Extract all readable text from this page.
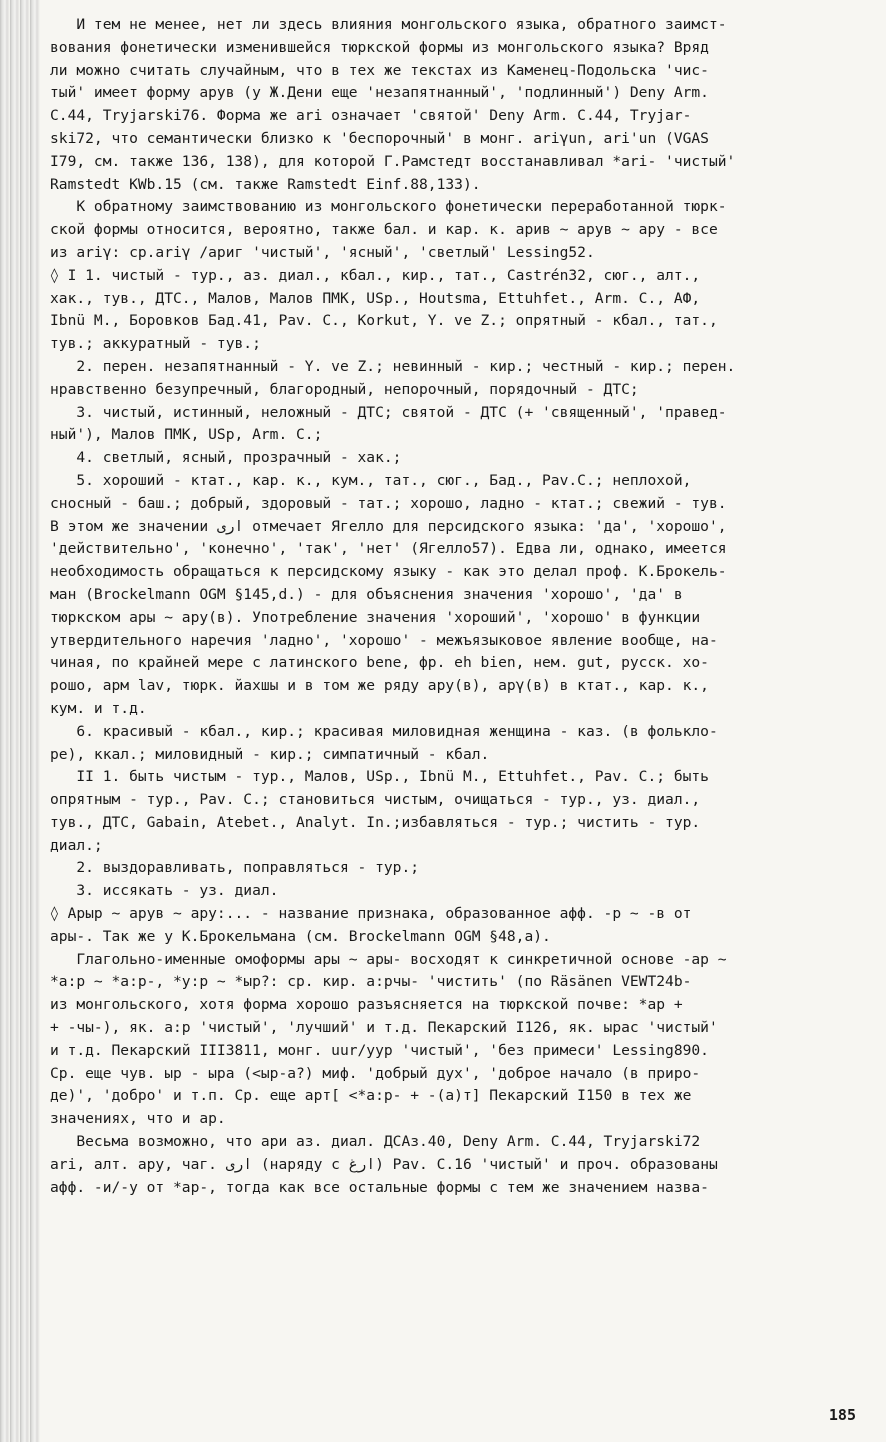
И тем не менее, нет ли здесь влияния монгольского языка, обратного заимст-
вования фонетически изменившейся тюркской формы из монгольского языка? Вряд
ли можно считать случайным, что в тех же текстах из Каменец-Подольска 'чис-
тый' имеет форму арув (у Ж.Дени еще 'незапятнанный', 'подлинный') Deny Arm.
С.44, Tryjarski76. Форма же ari означает 'святой' Deny Arm. С.44, Tryjar-
ski72, что семантически близко к 'беспорочный' в монг. ariγun, ari'un (VGAS
I79, см. также 136, 138), для которой Г.Рамстедт восстанавливал *ari- 'чистый'
Ramstedt KWb.15 (см. также Ramstedt Einf.88,133).
К обратному заимствованию из монгольского фонетически переработанной тюрк-
ской формы относится, вероятно, также бал. и кар. к. арив ~ арув ~ ару - все
из ariγ: ср.ariγ /ариг 'чистый', 'ясный', 'светлый' Lessing52.
◊ I 1. чистый - тур., аз. диал., кбал., кир., тат., Castrén32, сюг., алт.,
хак., тув., ДТС., Малов, Малов ПМК, USp., Houtsma, Ettuhfet., Arm. С., АФ,
Ibnü M., Боровков Бад.41, Pav. C., Korkut, Y. ve Z.; опрятный - кбал., тат.,
тув.; аккуратный - тув.;
2. перен. незапятнанный - Y. ve Z.; невинный - кир.; честный - кир.; перен.
нравственно безупречный, благородный, непорочный, порядочный - ДТС;
3. чистый, истинный, неложный - ДТС; святой - ДТС (+ 'священный', 'правед-
ный'), Малов ПМК, USp, Arm. С.;
4. светлый, ясный, прозрачный - хак.;
5. хороший - ктат., кар. к., кум., тат., сюг., Бад., Pav.C.; неплохой,
сносный - баш.; добрый, здоровый - тат.; хорошо, ладно - ктат.; свежий - тув.
В этом же значении ارى отмечает Ягелло для персидского языка: 'да', 'хорошо',
'действительно', 'конечно', 'так', 'нет' (Ягелло57). Едва ли, однако, имеется
необходимость обращаться к персидскому языку - как это делал проф. К.Брокель-
ман (Brockelmann OGM §145,d.) - для объяснения значения 'хорошо', 'да' в
тюркском ары ~ ару(в). Употребление значения 'хороший', 'хорошо' в функции
утвердительного наречия 'ладно', 'хорошо' - межъязыковое явление вообще, на-
чиная, по крайней мере с латинского bene, фр. eh bien, нем. gut, русск. хо-
рошо, арм lav, тюрк. йахшы и в том же ряду ару(в), арγ(в) в ктат., кар. к.,
кум. и т.д.
6. красивый - кбал., кир.; красивая миловидная женщина - каз. (в фолькло-
ре), ккал.; миловидный - кир.; симпатичный - кбал.
II 1. быть чистым - тур., Малов, USp., Ibnü M., Ettuhfet., Pav. C.; быть
опрятным - тур., Pav. C.; становиться чистым, очищаться - тур., уз. диал.,
тув., ДТС, Gabain, Atebet., Analyt. In.;избавляться - тур.; чистить - тур.
диал.;
2. выздоравливать, поправляться - тур.;
3. иссякать - уз. диал.
◊ Арыр ~ арув ~ ару:... - название признака, образованное афф. -р ~ -в от
ары-. Так же у К.Брокельмана (см. Brockelmann OGM §48,а).
Глагольно-именные омоформы ары ~ ары- восходят к синкретичной основе -ар ~
*а:р ~ *а:р-, *у:р ~ *ыр?: ср. кир. а:рчы- 'чистить' (по Räsänen VEWT24b-
из монгольского, хотя форма хорошо разъясняется на тюркской почве: *ар +
+ -чы-), як. а:р 'чистый', 'лучший' и т.д. Пекарский I126, як. ырас 'чистый'
и т.д. Пекарский III3811, монг. uur/уур 'чистый', 'без примеси' Lessing890.
Ср. еще чув. ыр - ыра (<ыр-а?) миф. 'добрый дух', 'доброе начало (в приро-
де)', 'добро' и т.п. Ср. еще арт[ <*а:р- + -(а)т] Пекарский I150 в тех же
значениях, что и ар.
Весьма возможно, что ари аз. диал. ДСАз.40, Deny Arm. С.44, Tryjarski72
ari, алт. ару, чаг. ارى (наряду с ارغ) Pav. C.16 'чистый' и проч. образованы
афф. -и/-у от *ар-, тогда как все остальные формы с тем же значением назва-
185
